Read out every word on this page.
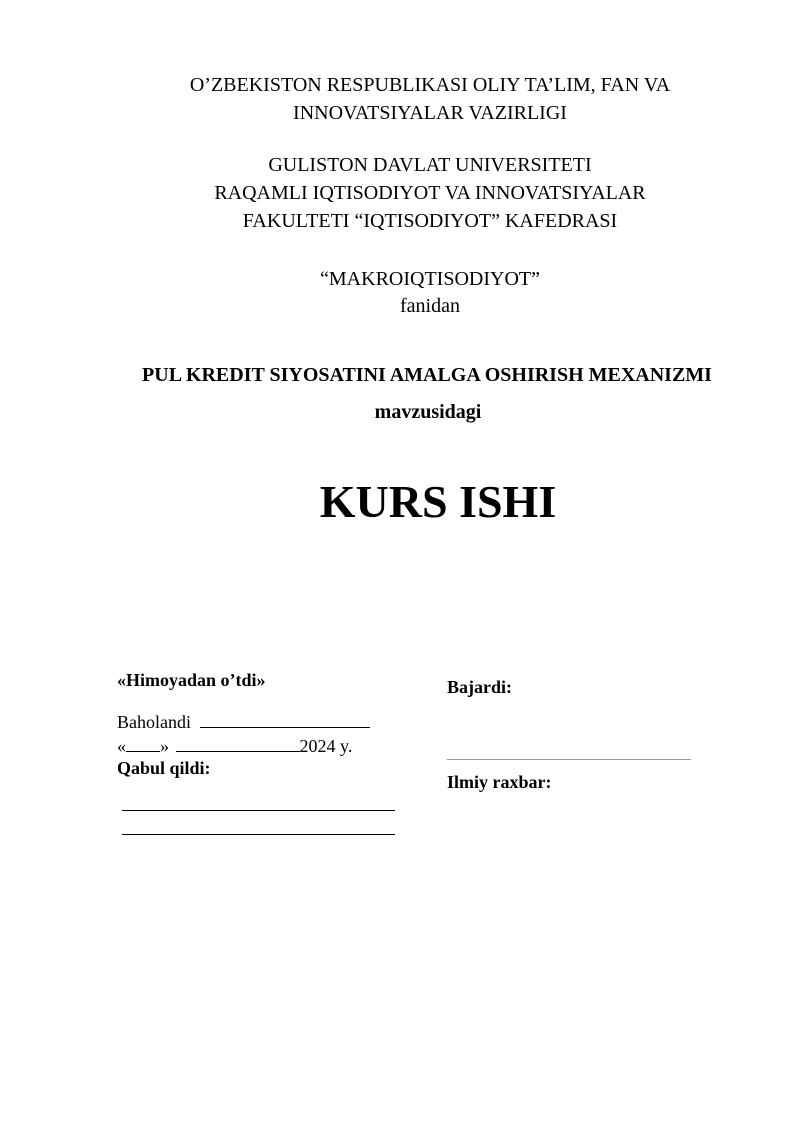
O’ZBEKISTON RESPUBLIKASI OLIY TA’LIM, FAN VA
INNOVATSIYALAR VAZIRLIGI
GULISTON DAVLAT UNIVERSITETI
RAQAMLI IQTISODIYOT VA INNOVATSIYALAR
FAKULTETI “IQTISODIYOT” KAFEDRASI
“MAKROIQTISODIYOT”
fanidan
PUL KREDIT SIYOSATINI AMALGA OSHIRISH MEXANIZMI
mavzusidagi
KURS ISHI
«Himoyadan o’tdi»
Baholandi
« »	2024 y.
Qabul qildi:
Bajardi:
Ilmiy raxbar:
